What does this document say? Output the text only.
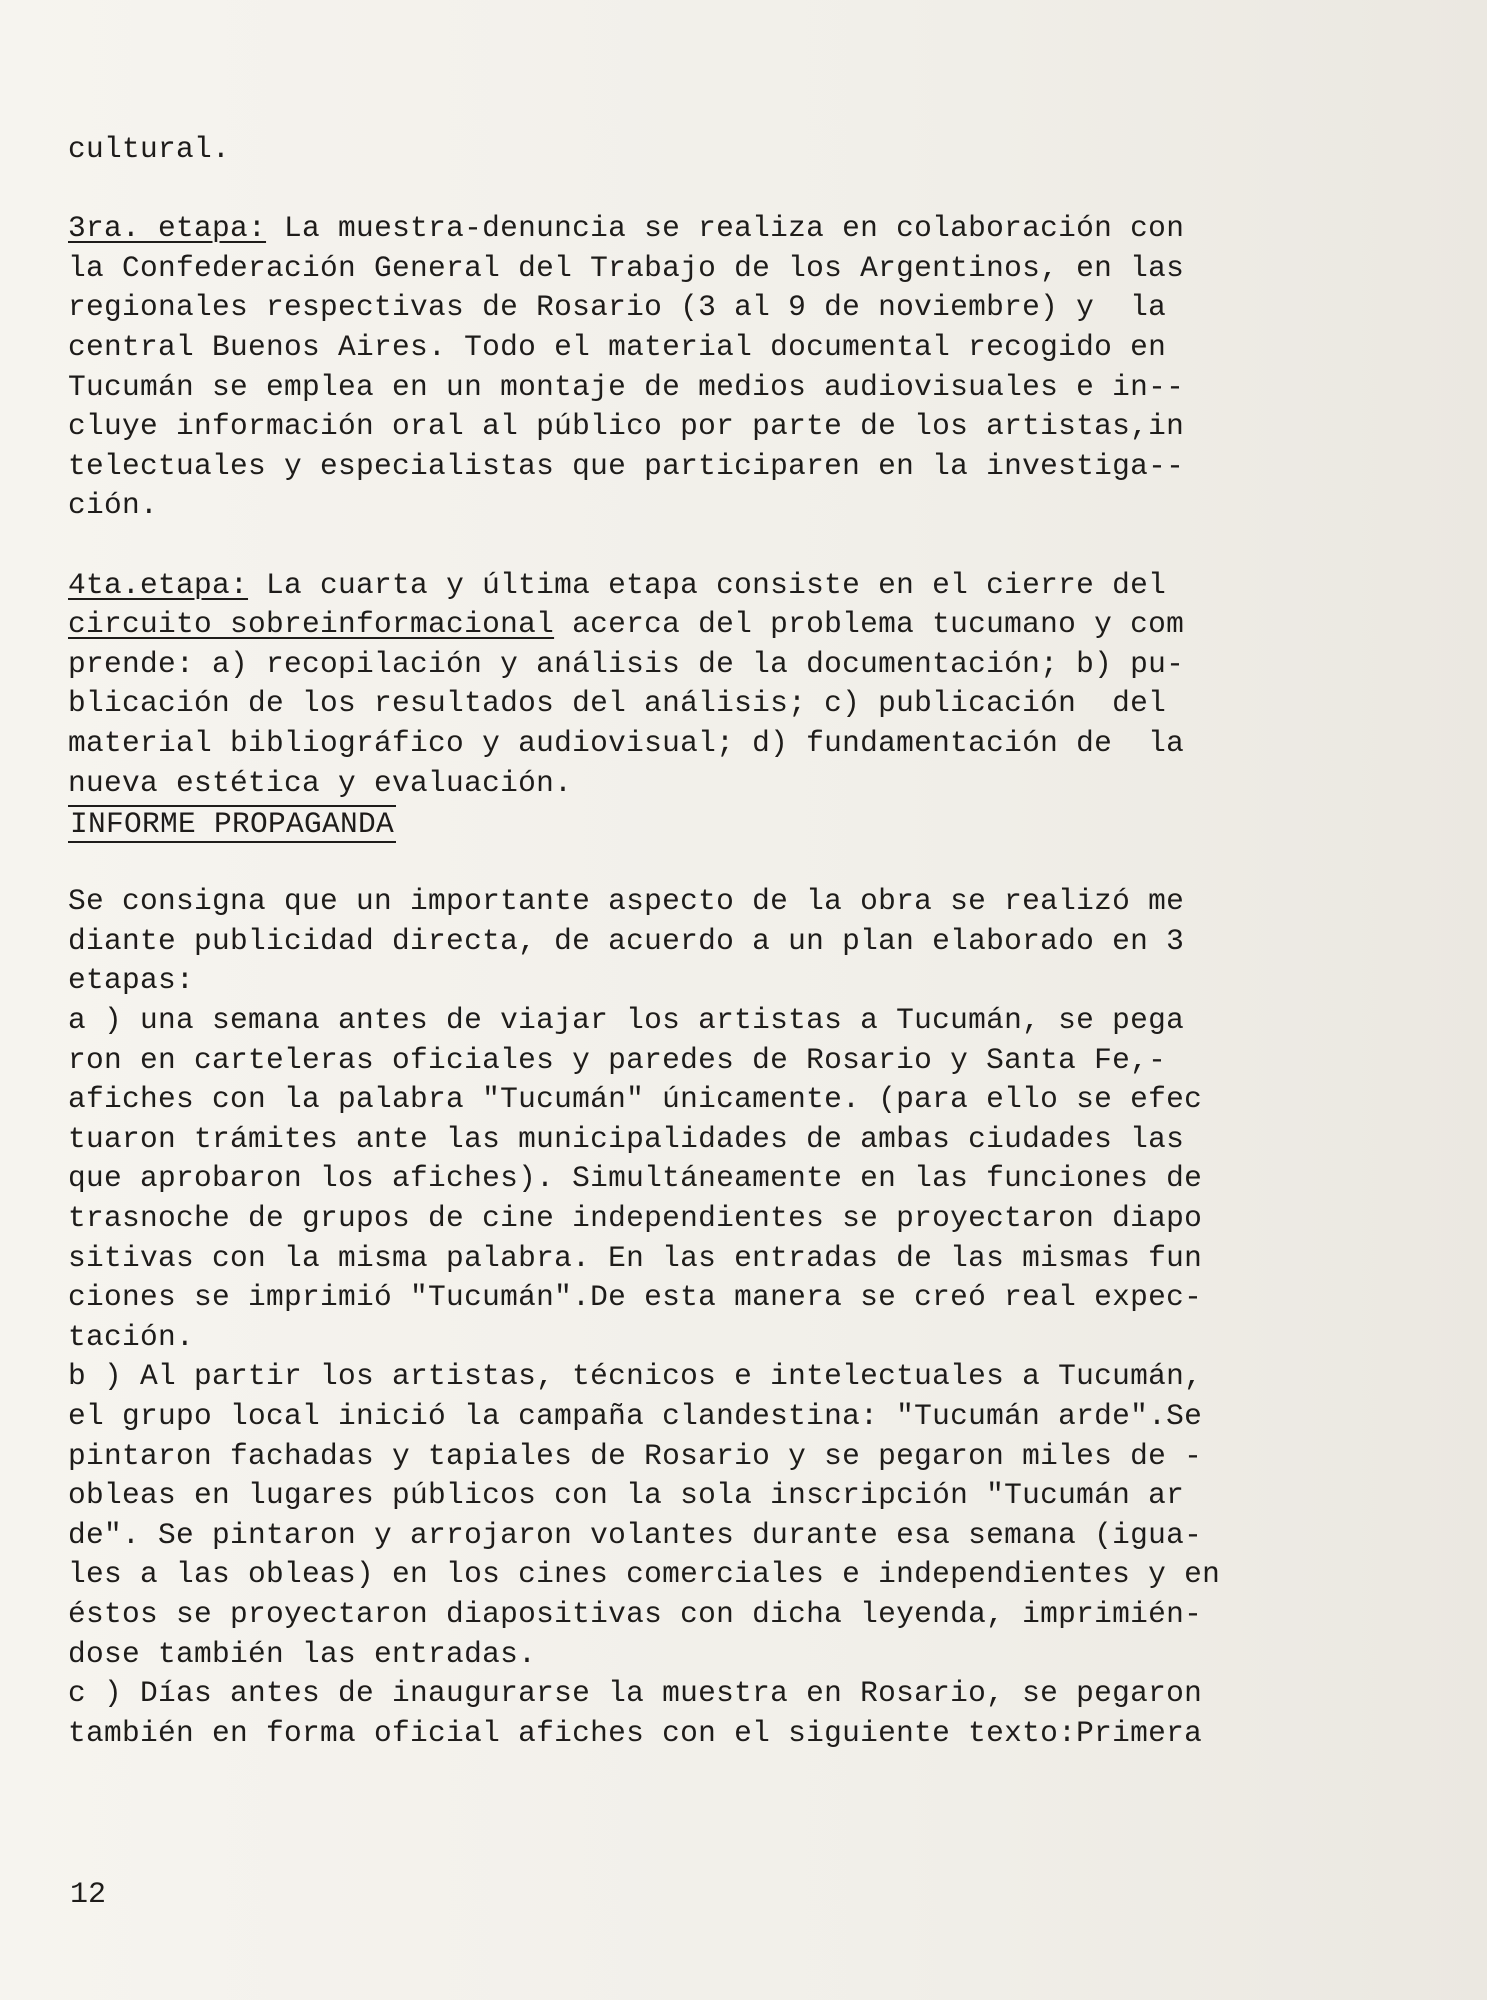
cultural.
3ra. etapa: La muestra-denuncia se realiza en colaboración con
la Confederación General del Trabajo de los Argentinos, en las
regionales respectivas de Rosario (3 al 9 de noviembre) y  la
central Buenos Aires. Todo el material documental recogido en
Tucumán se emplea en un montaje de medios audiovisuales e in--
cluye información oral al público por parte de los artistas,in
telectuales y especialistas que participaren en la investiga--
ción.
4ta.etapa: La cuarta y última etapa consiste en el cierre del
circuito sobreinformacional acerca del problema tucumano y com
prende: a) recopilación y análisis de la documentación; b) pu-
blicación de los resultados del análisis; c) publicación  del
material bibliográfico y audiovisual; d) fundamentación de  la
nueva estética y evaluación.
INFORME PROPAGANDA
Se consigna que un importante aspecto de la obra se realizó me
diante publicidad directa, de acuerdo a un plan elaborado en 3
etapas:
a ) una semana antes de viajar los artistas a Tucumán, se pega
ron en carteleras oficiales y paredes de Rosario y Santa Fe,-
afiches con la palabra "Tucumán" únicamente. (para ello se efec
tuaron trámites ante las municipalidades de ambas ciudades las
que aprobaron los afiches). Simultáneamente en las funciones de
trasnoche de grupos de cine independientes se proyectaron diapo
sitivas con la misma palabra. En las entradas de las mismas fun
ciones se imprimió "Tucumán".De esta manera se creó real expec-
tación.
b ) Al partir los artistas, técnicos e intelectuales a Tucumán,
el grupo local inició la campaña clandestina: "Tucumán arde".Se
pintaron fachadas y tapiales de Rosario y se pegaron miles de -
obleas en lugares públicos con la sola inscripción "Tucumán ar
de". Se pintaron y arrojaron volantes durante esa semana (igua-
les a las obleas) en los cines comerciales e independientes y en
éstos se proyectaron diapositivas con dicha leyenda, imprimién-
dose también las entradas.
c ) Días antes de inaugurarse la muestra en Rosario, se pegaron
también en forma oficial afiches con el siguiente texto:Primera
12
